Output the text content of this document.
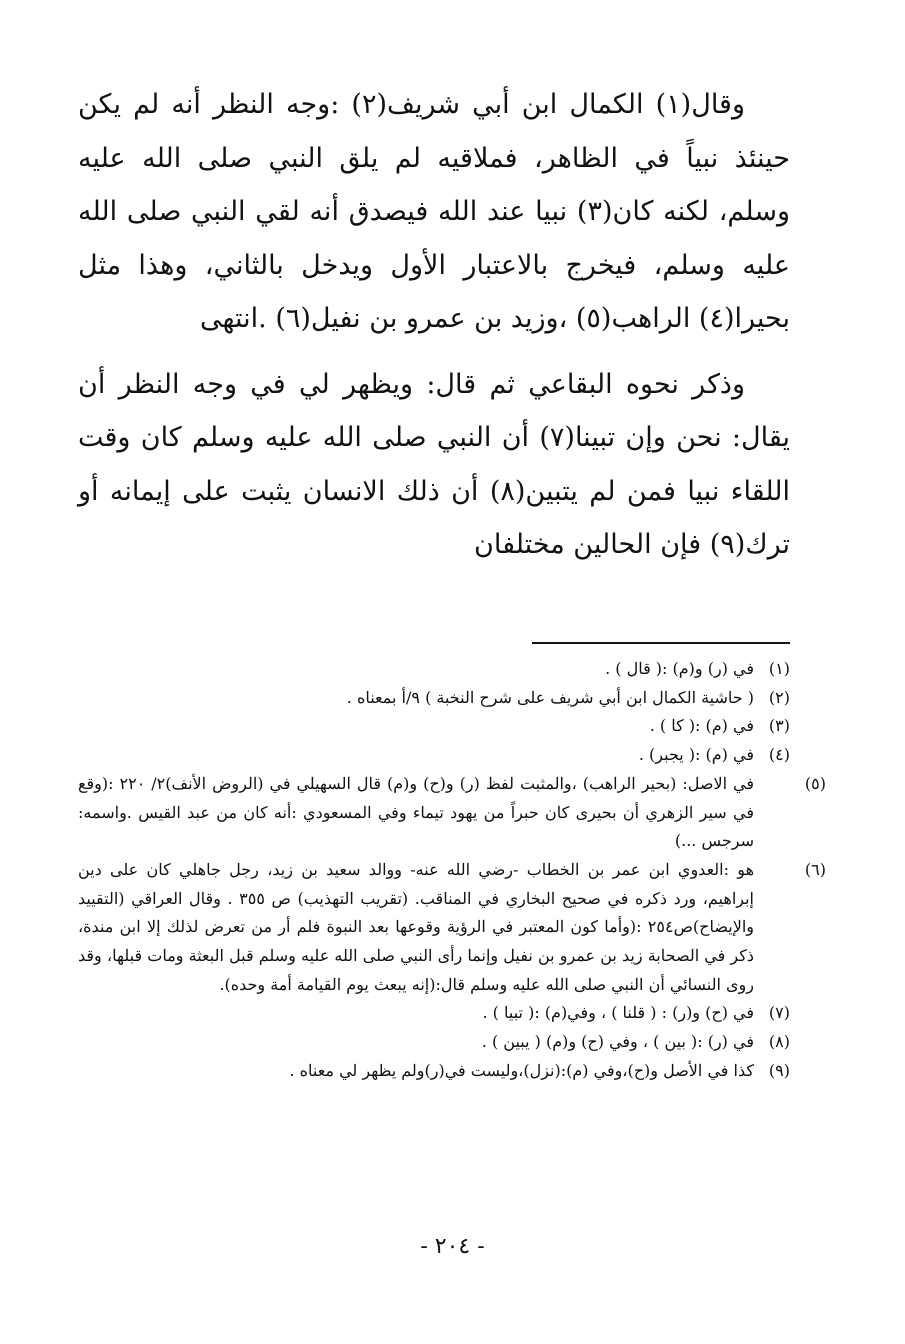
وقال(١) الكمال ابن أبي شريف(٢) :وجه النظر أنه لم يكن حينئذ نبياً في الظاهر، فملاقيه لم يلق النبي صلى الله عليه وسلم، لكنه كان(٣) نبيا عند الله فيصدق أنه لقي النبي صلى الله عليه وسلم، فيخرج بالاعتبار الأول ويدخل بالثاني، وهذا مثل بحيرا(٤) الراهب(٥) ،وزيد بن عمرو بن نفيل(٦) .انتهى

وذكر نحوه البقاعي ثم قال: ويظهر لي في وجه النظر أن يقال: نحن وإن تبينا(٧) أن النبي صلى الله عليه وسلم كان وقت اللقاء نبيا فمن لم يتبين(٨) أن ذلك الانسان يثبت على إيمانه أو ترك(٩) فإن الحالين مختلفان

(١)في (ر) و(م) :( قال ) .
(٢)( حاشية الكمال ابن أبي شريف على شرح النخبة ) ٩/أ بمعناه .
(٣)في (م) :( كا ) .
(٤)في (م) :( يجبر) .
(٥)في الاصل: (بحير الراهب) ،والمثبت لفظ (ر) و(ح) و(م) قال السهيلي في (الروض الأنف)٢/ ٢٢٠ :(وقع في سير الزهري أن بحيرى كان حبراً من يهود تيماء وفي المسعودي :أنه كان من عبد القيس .واسمه: سرجس ...)
(٦)هو :العدوي ابن عمر بن الخطاب -رضي الله عنه- ووالد سعيد بن زيد، رجل جاهلي كان على دين إبراهيم، ورد ذكره في صحيح البخاري في المناقب. (تقريب التهذيب) ص ٣٥٥ . وقال العراقي (التقييد والإيضاح)ص٢٥٤ :(وأما كون المعتبر في الرؤية وقوعها بعد النبوة فلم أر من تعرض لذلك إلا ابن مندة، ذكر في الصحابة زيد بن عمرو بن نفيل وإنما رأى النبي صلى الله عليه وسلم قبل البعثة ومات قبلها، وقد روى النسائي أن النبي صلى الله عليه وسلم قال:(إنه يبعث يوم القيامة أمة وحده).
(٧)في (ح) و(ر) : ( قلنا ) ، وفي(م) :( تبيا ) .
(٨)في (ر) :( بين ) ، وفي (ح) و(م) ( يبين ) .
(٩)كذا في الأصل و(ح)،وفي (م):(نزل)،وليست في(ر)ولم يظهر لي معناه .
- ٢٠٤ -
